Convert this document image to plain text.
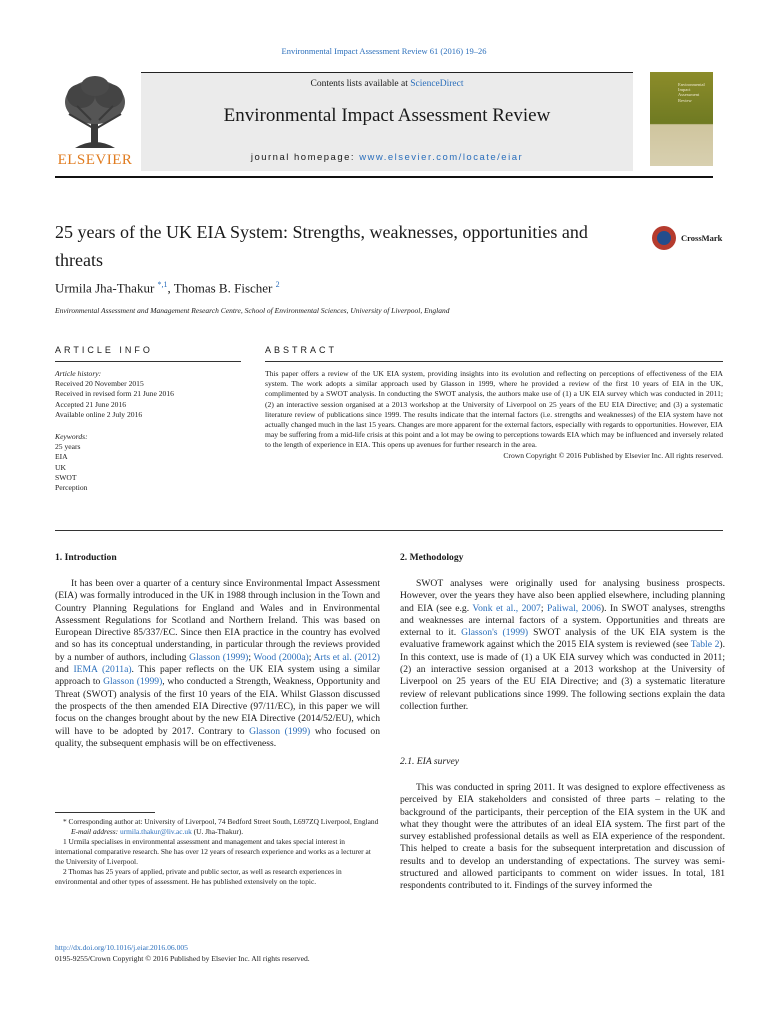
Environmental Impact Assessment Review 61 (2016) 19–26
ELSEVIER
Contents lists available at ScienceDirect
Environmental Impact Assessment Review
journal homepage: www.elsevier.com/locate/eiar
Environmental Impact Assessment Review
25 years of the UK EIA System: Strengths, weaknesses, opportunities and threats
CrossMark
Urmila Jha-Thakur $^{*,1}$, Thomas B. Fischer $^2$
Environmental Assessment and Management Research Centre, School of Environmental Sciences, University of Liverpool, England
ARTICLE INFO	ABSTRACT
Article history:
Received 20 November 2015
Received in revised form 21 June 2016
Accepted 21 June 2016
Available online 2 July 2016
Keywords:
25 years
EIA
UK
SWOT
Perception
This paper offers a review of the UK EIA system, providing insights into its evolution and reflecting on perceptions of effectiveness of the EIA system. The work adopts a similar approach used by Glasson in 1999, where he provided a review of the first 10 years of EIA in the UK, complimented by a SWOT analysis. In conducting the SWOT analysis, the authors make use of (1) a UK EIA survey which was conducted in 2011; (2) an interactive session organised at a 2013 workshop at the University of Liverpool on 25 years of the EU EIA Directive; and (3) a systematic literature review of publications since 1999. The results indicate that the internal factors (i.e. strengths and weaknesses) of the EIA system have not actually changed much in the last 15 years. Changes are more apparent for the external factors, especially with regards to opportunities. However, EIA may be suffering from a mid-life crisis at this point and a lot may be owing to perceptions towards EIA which may be influenced and inversely related to the length of experience in EIA. This opens up avenues for further research in the area.
Crown Copyright © 2016 Published by Elsevier Inc. All rights reserved.
1. Introduction
It has been over a quarter of a century since Environmental Impact Assessment (EIA) was formally introduced in the UK in 1988 through inclusion in the Town and Country Planning Regulations for England and Wales and in Environmental Assessment Regulations for Scotland and Northern Ireland. This was based on European Directive 85/337/EC. Since then EIA practice in the country has evolved and so has its conceptual understanding, in particular through the reviews provided by a number of authors, including Glasson (1999); Wood (2000a); Arts et al. (2012) and IEMA (2011a). This paper reflects on the UK EIA system using a similar approach to Glasson (1999), who conducted a Strength, Weakness, Opportunity and Threat (SWOT) analysis of the first 10 years of the EIA. Whilst Glasson discussed the prospects of the then amended EIA Directive (97/11/EC), in this paper we will focus on the changes brought about by the new EIA Directive (2014/52/EU), which will have to be adopted by 2017. Contrary to Glasson (1999) who focused on quality, the subsequent emphasis will be on effectiveness.

* Corresponding author at: University of Liverpool, 74 Bedford Street South, L697ZQ Liverpool, England

E-mail address: urmila.thakur@liv.ac.uk (U. Jha-Thakur).

1 Urmila specialises in environmental assessment and management and takes special interest in international comparative research. She has over 12 years of research experience and works as a lecturer at the University of Liverpool.

2 Thomas has 25 years of applied, private and public sector, as well as research experiences in environmental and other types of assessment. He has published extensively on the topic.

http://dx.doi.org/10.1016/j.eiar.2016.06.005
0195-9255/Crown Copyright © 2016 Published by Elsevier Inc. All rights reserved.
2. Methodology
SWOT analyses were originally used for analysing business prospects. However, over the years they have also been applied elsewhere, including planning and EIA (see e.g. Vonk et al., 2007; Paliwal, 2006). In SWOT analyses, strengths and weaknesses are internal factors of a system. Opportunities and threats are external to it. Glasson's (1999) SWOT analysis of the UK EIA system is the evaluative framework against which the 2015 EIA system is reviewed (see Table 2). In this context, use is made of (1) a UK EIA survey which was conducted in 2011; (2) an interactive session organised at a 2013 workshop at the University of Liverpool on 25 years of the EU EIA Directive; and (3) a systematic literature review of relevant publications since 1999. The following sections explain the data collection further.
2.1. EIA survey
This was conducted in spring 2011. It was designed to explore effectiveness as perceived by EIA stakeholders and consisted of three parts – relating to the background of the participants, their perception of the EIA system in the UK and what they thought were the attributes of an ideal EIA system. The first part of the survey established professional details as well as EIA experience of the respondent. This helped to create a basis for the subsequent interpretation and discussion of results and to develop an understanding of expectations. The survey was semi-structured and allowed participants to comment on wider issues. In total, 181 respondents contributed to it. Findings of the survey informed the
